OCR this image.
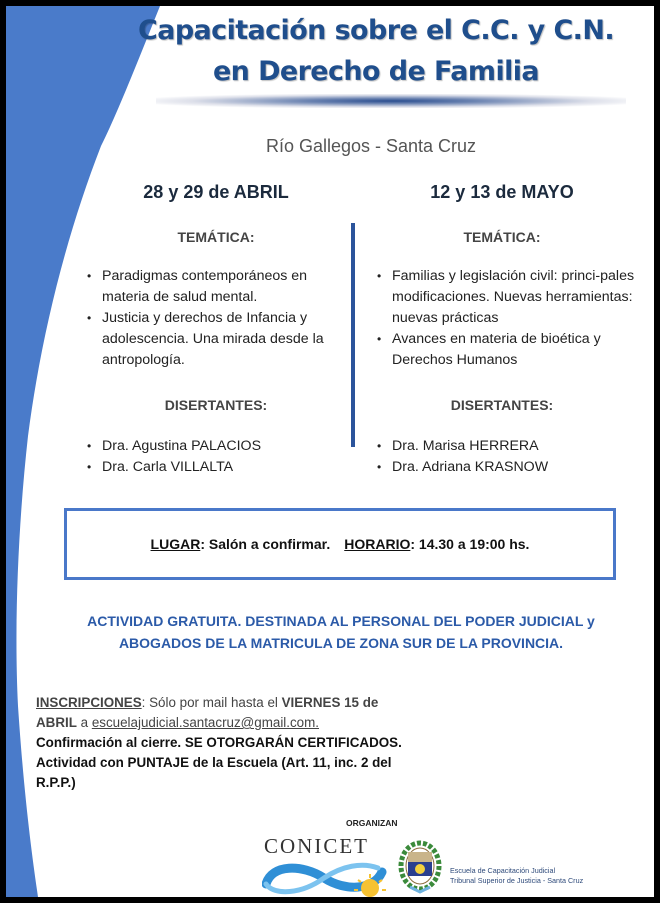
Capacitación sobre el C.C. y C.N.
en Derecho de Familia
Río Gallegos - Santa Cruz
28 y 29 de ABRIL	12 y 13 de MAYO
TEMÁTICA:
• Paradigmas contemporáneos en materia de salud mental.
• Justicia y derechos de Infancia y adolescencia. Una mirada desde la antropología.
DISERTANTES:
• Dra. Agustina PALACIOS
• Dra. Carla VILLALTA
TEMÁTICA:
• Familias y legislación civil: princi-pales modificaciones. Nuevas herramientas: nuevas prácticas
• Avances en materia de bioética y Derechos Humanos
DISERTANTES:
• Dra. Marisa HERRERA
• Dra. Adriana KRASNOW
LUGAR : Salón a confirmar. HORARIO : 14.30 a 19:00 hs.
ACTIVIDAD GRATUITA. DESTINADA AL PERSONAL DEL PODER JUDICIAL y
ABOGADOS DE LA MATRICULA DE ZONA SUR DE LA PROVINCIA.
INSCRIPCIONES: Sólo por mail hasta el VIERNES 15 de ABRIL a escuelajudicial.santacruz@gmail.com.
Confirmación al cierre. SE OTORGARÁN CERTIFICADOS.
Actividad con PUNTAJE de la Escuela (Art. 11, inc. 2 del R.P.P.)
ORGANIZAN
CONICET
Escuela de Capacitación Judicial
Tribunal Superior de Justicia - Santa Cruz
